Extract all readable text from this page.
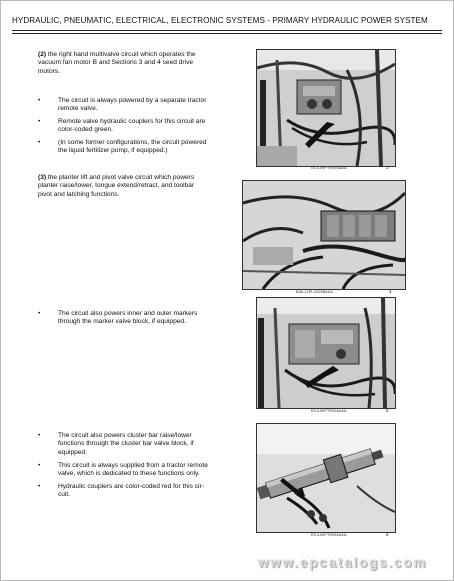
HYDRAULIC, PNEUMATIC, ELECTRICAL, ELECTRONIC SYSTEMS - PRIMARY HYDRAULIC POWER SYSTEM
(2) the right hand multivalve circuit which operates the
vacuum fan motor B and Sections 3 and 4 seed drive
motors.
•	The circuit is always powered by a separate tractor
remote valve.
•	Remote valve hydraulic couplers for this circuit are
color-coded green.
•	(In some former configurations, the circuit powered
the liquid fertilizer pump, if equipped.)
(3) the planter lift and pivot valve circuit which powers
planter raise/lower, tongue extend/retract, and toolbar
pivot and latching functions.
•	The circuit also powers inner and outer markers
through the marker valve block, if equipped.
•	The circuit also powers cluster bar raise/lower
functions through the cluster bar valve block, if
equipped.
•	This circuit is always supplied from a tractor remote
valve, which is dedicated to these functions only.
•	Hydraulic couplers are color-coded red for this cir-
cuit.
RCIL09PTR094AAA	3
BAIL11PLX009BAAA	4
RCIL09PTR095AAA	5
RCIL09PTR096AAA	6
www.epcatalogs.com
